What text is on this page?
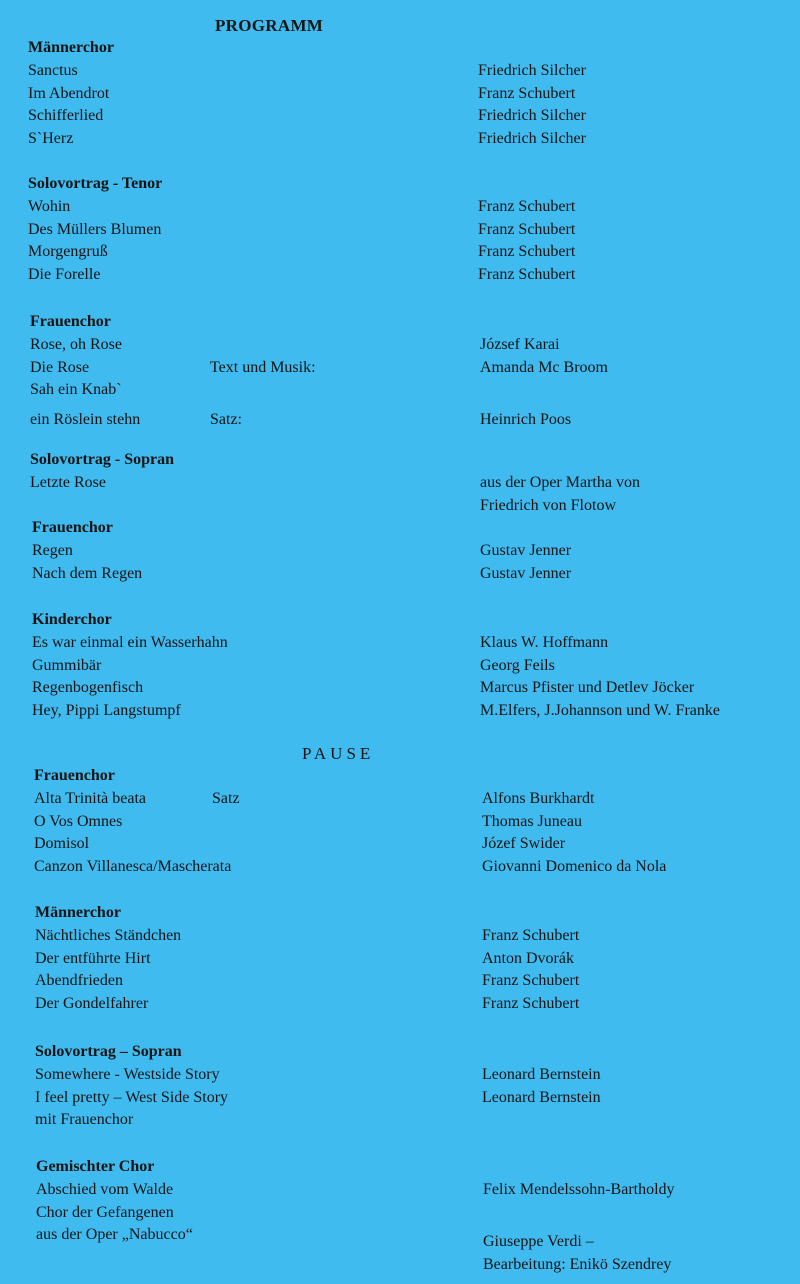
PROGRAMM
PAUSE
Männerchor
Sanctus	Friedrich Silcher
Im Abendrot	Franz Schubert
Schifferlied	Friedrich Silcher
S`Herz	Friedrich Silcher
Solovortrag - Tenor
Wohin	Franz Schubert
Des Müllers Blumen	Franz Schubert
Morgengruß	Franz Schubert
Die Forelle	Franz Schubert
Frauenchor
Rose, oh Rose	József Karai
Die Rose	Text und Musik:	Amanda Mc Broom
Sah ein Knab`
ein Röslein stehn	Satz:	Heinrich Poos
Solovortrag - Sopran
Letzte Rose	aus der Oper Martha von
Friedrich von Flotow
Frauenchor
Regen	Gustav Jenner
Nach dem Regen	Gustav Jenner
Kinderchor
Es war einmal ein Wasserhahn	Klaus W. Hoffmann
Gummibär	Georg Feils
Regenbogenfisch	Marcus Pfister und Detlev Jöcker
Hey, Pippi Langstumpf	M.Elfers, J.Johannson und W. Franke
Frauenchor
Alta Trinità beata	Satz	Alfons Burkhardt
O Vos Omnes	Thomas Juneau
Domisol	Józef Swider
Canzon Villanesca/Mascherata	Giovanni Domenico da Nola
Männerchor
Nächtliches Ständchen	Franz Schubert
Der entführte Hirt	Anton Dvorák
Abendfrieden	Franz Schubert
Der Gondelfahrer	Franz Schubert
Solovortrag – Sopran
Somewhere - Westside Story	Leonard Bernstein
I feel pretty – West Side Story	Leonard Bernstein
mit Frauenchor
Gemischter Chor
Abschied vom Walde	Felix Mendelssohn-Bartholdy
Chor der Gefangenen
aus der Oper „Nabucco“	Giuseppe Verdi –
Bearbeitung: Enikö Szendrey
